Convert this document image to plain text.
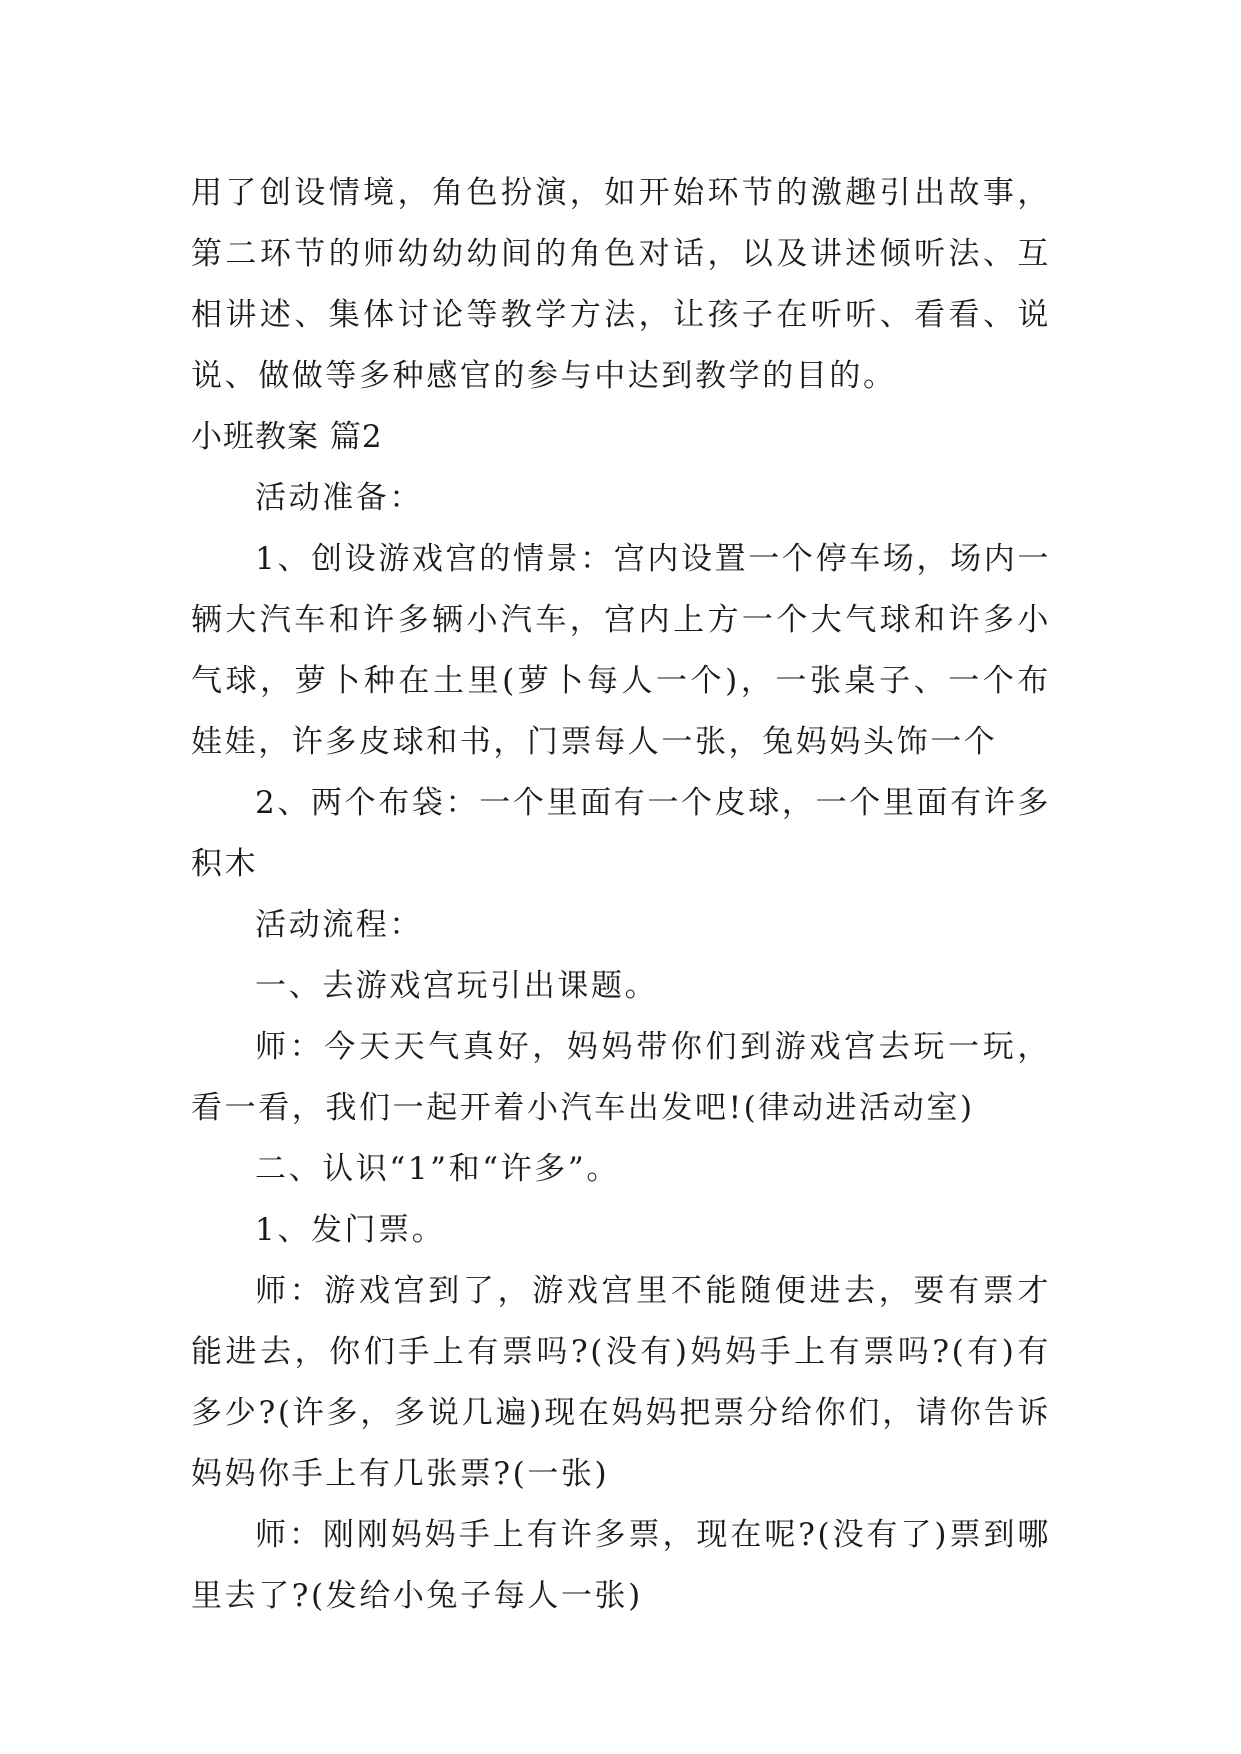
用了创设情境，角色扮演，如开始环节的激趣引出故事，第二环节的师幼幼幼间的角色对话，以及讲述倾听法、互相讲述、集体讨论等教学方法，让孩子在听听、看看、说说、做做等多种感官的参与中达到教学的目的。

小班教案 篇2

活动准备：

1、创设游戏宫的情景：宫内设置一个停车场，场内一辆大汽车和许多辆小汽车，宫内上方一个大气球和许多小气球，萝卜种在土里(萝卜每人一个)，一张桌子、一个布娃娃，许多皮球和书，门票每人一张，兔妈妈头饰一个

2、两个布袋：一个里面有一个皮球，一个里面有许多积木

活动流程：

一、去游戏宫玩引出课题。

师：今天天气真好，妈妈带你们到游戏宫去玩一玩，看一看，我们一起开着小汽车出发吧!(律动进活动室)

二、认识“1”和“许多”。

1、发门票。

师：游戏宫到了，游戏宫里不能随便进去，要有票才能进去，你们手上有票吗?(没有)妈妈手上有票吗?(有)有多少?(许多，多说几遍)现在妈妈把票分给你们，请你告诉妈妈你手上有几张票?(一张)

师：刚刚妈妈手上有许多票，现在呢?(没有了)票到哪里去了?(发给小兔子每人一张)
